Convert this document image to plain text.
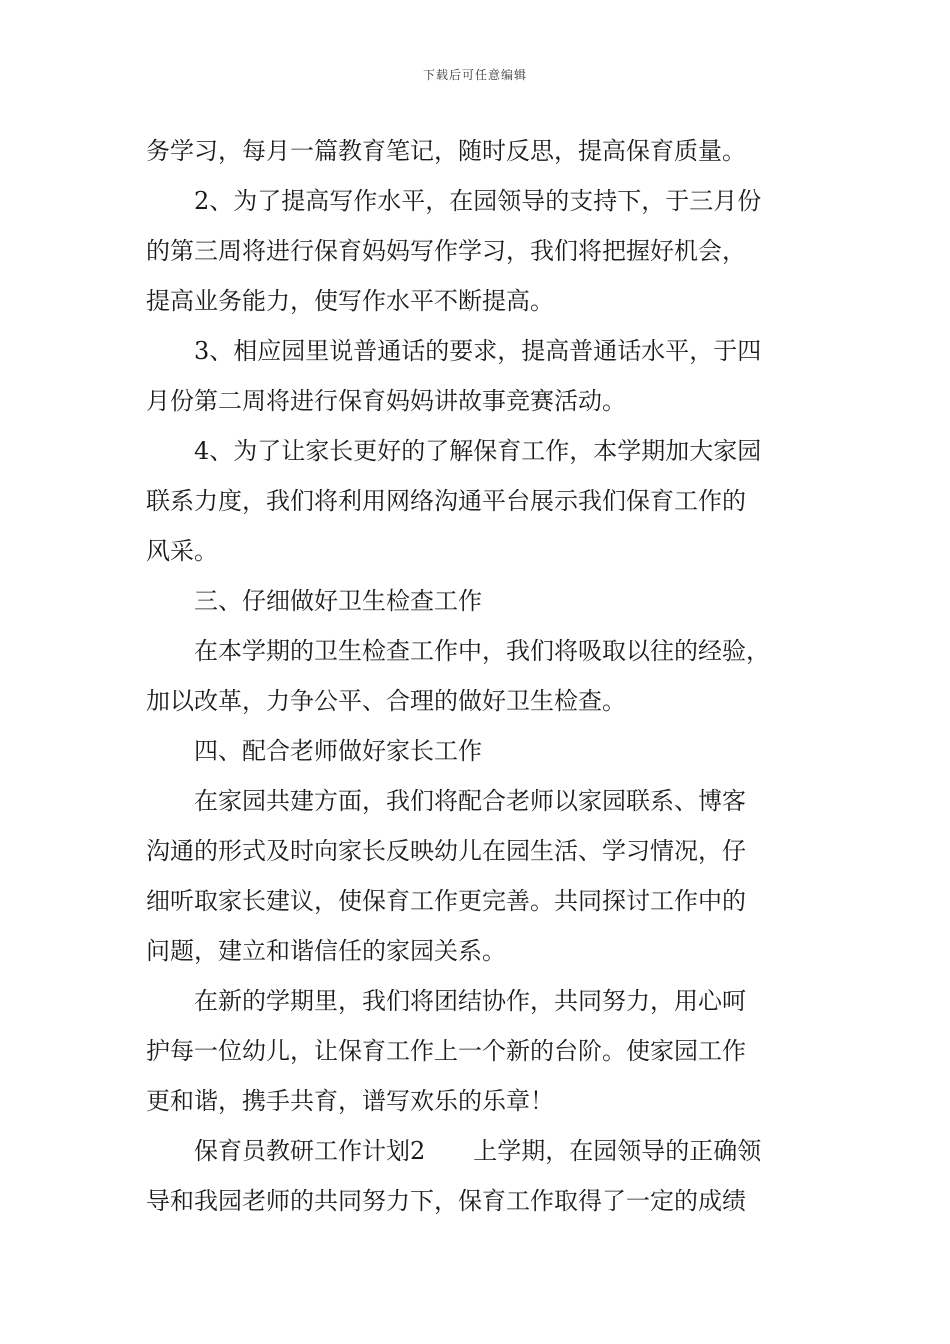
下载后可任意编辑
务学习，每月一篇教育笔记，随时反思，提高保育质量。
　　2、为了提高写作水平，在园领导的支持下，于三月份
的第三周将进行保育妈妈写作学习，我们将把握好机会，
提高业务能力，使写作水平不断提高。
　　3、相应园里说普通话的要求，提高普通话水平，于四
月份第二周将进行保育妈妈讲故事竞赛活动。
　　4、为了让家长更好的了解保育工作，本学期加大家园
联系力度，我们将利用网络沟通平台展示我们保育工作的
风采。
　　三、仔细做好卫生检查工作
　　在本学期的卫生检查工作中，我们将吸取以往的经验，
加以改革，力争公平、合理的做好卫生检查。
　　四、配合老师做好家长工作
　　在家园共建方面，我们将配合老师以家园联系、博客
沟通的形式及时向家长反映幼儿在园生活、学习情况，仔
细听取家长建议，使保育工作更完善。共同探讨工作中的
问题，建立和谐信任的家园关系。
　　在新的学期里，我们将团结协作，共同努力，用心呵
护每一位幼儿，让保育工作上一个新的台阶。使家园工作
更和谐，携手共育，谱写欢乐的乐章！
　　保育员教研工作计划2　　上学期，在园领导的正确领
导和我园老师的共同努力下，保育工作取得了一定的成绩
